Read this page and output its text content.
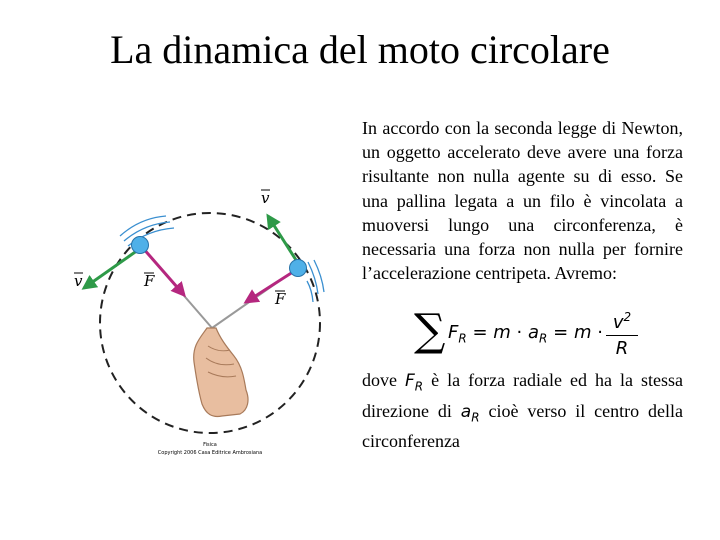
La dinamica del moto circolare
v	F
v
F
Fisica
Copyright 2006 Casa Editrice Ambrosiana

In accordo con la seconda legge di Newton, un oggetto accelerato deve avere una forza risultante non nulla agente su di esso. Se una pallina legata a un filo è vincolata a muoversi lungo una circonferenza, è necessaria una forza non nulla per fornire l’accelerazione centripeta. Avremo:

∑ $F_R = m \cdot a_R = m \cdot v^2$
R

dove $F_R$ è la forza radiale ed ha la stessa direzione di $a_R$ cioè verso il centro della circonferenza
